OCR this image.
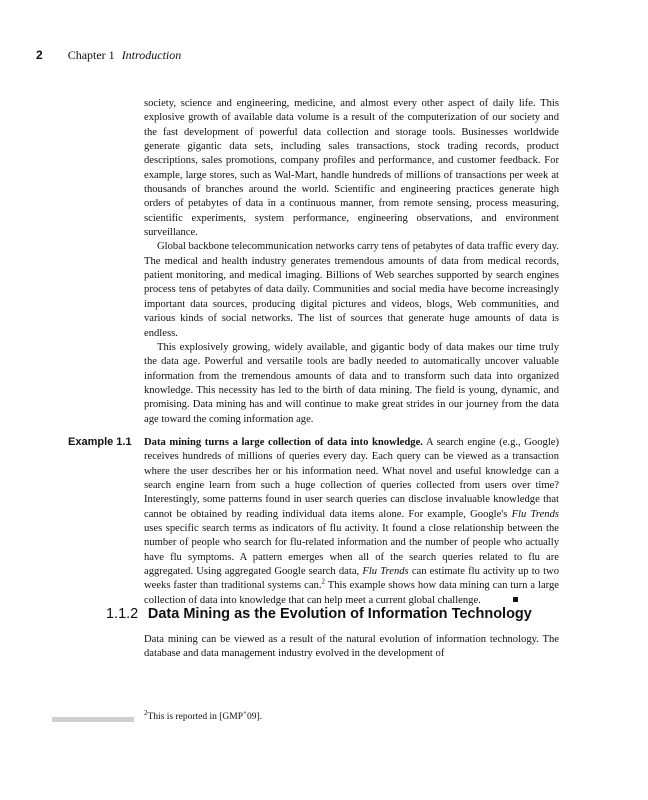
2 Chapter 1 Introduction

society, science and engineering, medicine, and almost every other aspect of daily life. This explosive growth of available data volume is a result of the computerization of our society and the fast development of powerful data collection and storage tools. Businesses worldwide generate gigantic data sets, including sales transactions, stock trading records, product descriptions, sales promotions, company profiles and performance, and customer feedback. For example, large stores, such as Wal-Mart, handle hundreds of millions of transactions per week at thousands of branches around the world. Scientific and engineering practices generate high orders of petabytes of data in a continuous manner, from remote sensing, process measuring, scientific experiments, system performance, engineering observations, and environment surveillance.

Global backbone telecommunication networks carry tens of petabytes of data traffic every day. The medical and health industry generates tremendous amounts of data from medical records, patient monitoring, and medical imaging. Billions of Web searches supported by search engines process tens of petabytes of data daily. Communities and social media have become increasingly important data sources, producing digital pictures and videos, blogs, Web communities, and various kinds of social networks. The list of sources that generate huge amounts of data is endless.

This explosively growing, widely available, and gigantic body of data makes our time truly the data age. Powerful and versatile tools are badly needed to automatically uncover valuable information from the tremendous amounts of data and to transform such data into organized knowledge. This necessity has led to the birth of data mining. The field is young, dynamic, and promising. Data mining has and will continue to make great strides in our journey from the data age toward the coming information age.

Example 1.1 Data mining turns a large collection of data into knowledge. A search engine (e.g., Google) receives hundreds of millions of queries every day. Each query can be viewed as a transaction where the user describes her or his information need. What novel and useful knowledge can a search engine learn from such a huge collection of queries collected from users over time? Interestingly, some patterns found in user search queries can disclose invaluable knowledge that cannot be obtained by reading individual data items alone. For example, Google's Flu Trends uses specific search terms as indicators of flu activity. It found a close relationship between the number of people who search for flu-related information and the number of people who actually have flu symptoms. A pattern emerges when all of the search queries related to flu are aggregated. Using aggregated Google search data, Flu Trends can estimate flu activity up to two weeks faster than traditional systems can.$^2$ This example shows how data mining can turn a large collection of data into knowledge that can help meet a current global challenge.

1.1.2 Data Mining as the Evolution of Information Technology

Data mining can be viewed as a result of the natural evolution of information technology. The database and data management industry evolved in the development of

$^2$This is reported in [GMP+09].
